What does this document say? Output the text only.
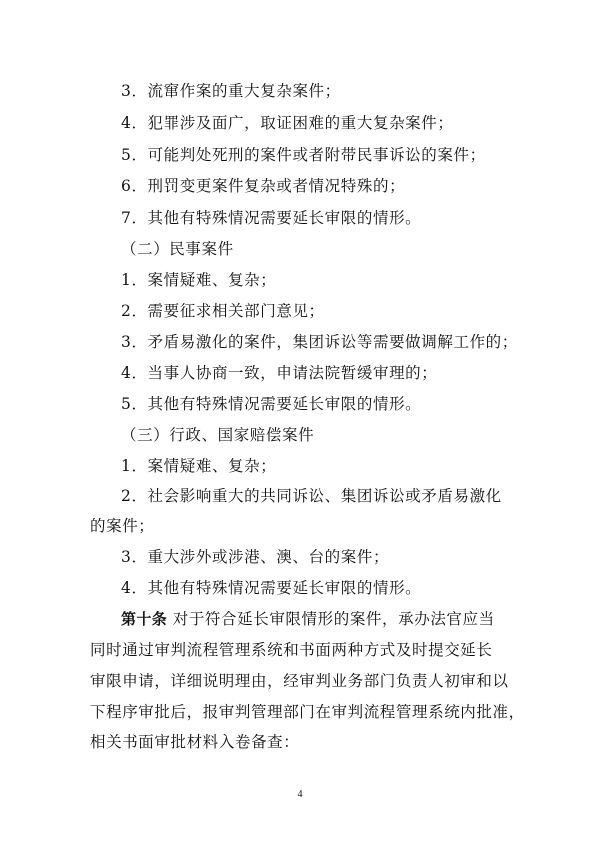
3．流窜作案的重大复杂案件；
4．犯罪涉及面广，取证困难的重大复杂案件；
5．可能判处死刑的案件或者附带民事诉讼的案件；
6．刑罚变更案件复杂或者情况特殊的；
7．其他有特殊情况需要延长审限的情形。
（二）民事案件
1．案情疑难、复杂；
2．需要征求相关部门意见；
3．矛盾易激化的案件，集团诉讼等需要做调解工作的；
4．当事人协商一致，申请法院暂缓审理的；
5．其他有特殊情况需要延长审限的情形。
（三）行政、国家赔偿案件
1．案情疑难、复杂；
2．社会影响重大的共同诉讼、集团诉讼或矛盾易激化
的案件；
3．重大涉外或涉港、澳、台的案件；
4．其他有特殊情况需要延长审限的情形。
第十条 对于符合延长审限情形的案件，承办法官应当
同时通过审判流程管理系统和书面两种方式及时提交延长
审限申请，详细说明理由，经审判业务部门负责人初审和以
下程序审批后，报审判管理部门在审判流程管理系统内批准，
相关书面审批材料入卷备查：
4
